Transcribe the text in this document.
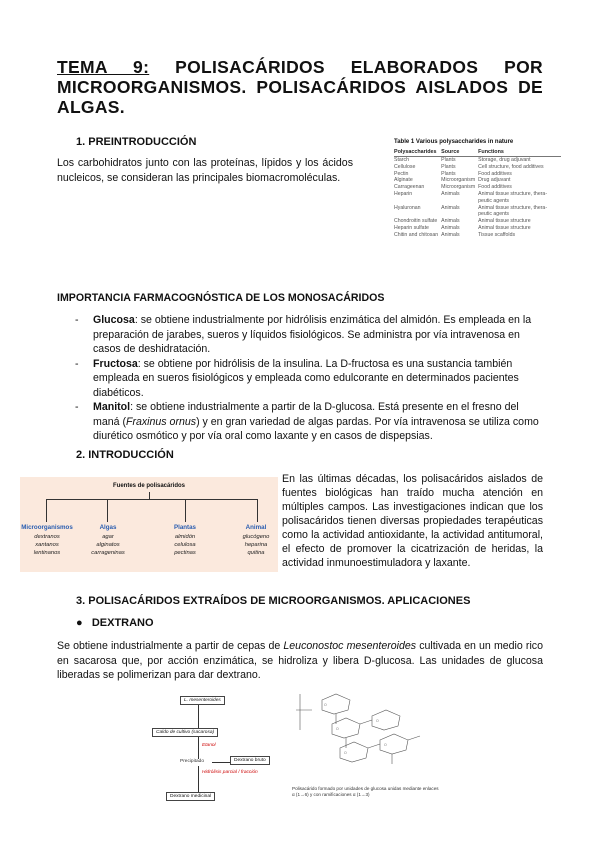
TEMA 9: POLISACÁRIDOS ELABORADOS POR
MICROORGANISMOS. POLISACÁRIDOS AISLADOS DE
ALGAS.
1. PREINTRODUCCIÓN
Los carbohidratos junto con las proteínas, lípidos y los ácidos nucleicos, se consideran las principales biomacromoléculas.
Table 1 Various polysaccharides in nature
Polysaccharides	Source	Functions
Starch	Plants	Storage, drug adjuvant
Cellulose	Plants	Cell structure, food additives
Pectin	Plants	Food additives
Alginate	Microorganism	Drug adjuvant
Carrageenan	Microorganism	Food additives
Heparin	Animals	Animal tissue structure, thera- peutic agents
Hyaluronan	Animals	Animal tissue structure, thera- peutic agents
Chondroitin sulfate	Animals	Animal tissue structure
Heparin sulfate	Animals	Animal tissue structure
Chitin and chitosan	Animals	Tissue scaffolds
IMPORTANCIA FARMACOGNÓSTICA DE LOS MONOSACÁRIDOS
- Glucosa: se obtiene industrialmente por hidrólisis enzimática del almidón. Es empleada en la preparación de jarabes, sueros y líquidos fisiológicos. Se administra por vía intravenosa en casos de deshidratación.
- Fructosa: se obtiene por hidrólisis de la insulina. La D-fructosa es una sustancia también empleada en sueros fisiológicos y empleada como edulcorante en determinados pacientes diabéticos.
- Manitol: se obtiene industrialmente a partir de la D-glucosa. Está presente en el fresno del maná (Fraxinus ornus) y en gran variedad de algas pardas. Por vía intravenosa se utiliza como diurético osmótico y por vía oral como laxante y en casos de dispepsias.
2. INTRODUCCIÓN
Fuentes de polisacáridos
Microorganismos
dextranos
xantanos
lentinanos
Algas
agar
alginatos
carrageninas
Plantas
almidón
celulosa
pectinas
Animal
glucógeno
heparina
quitina
En las últimas décadas, los polisacáridos aislados de fuentes biológicas han traído mucha atención en múltiples campos. Las investigaciones indican que los polisacáridos tienen diversas propiedades terapéuticas como la actividad antioxidante, la actividad antitumoral, el efecto de promover la cicatrización de heridas, la actividad inmunoestimuladora y laxante.
3. POLISACÁRIDOS EXTRAÍDOS DE MICROORGANISMOS. APLICACIONES
● DEXTRANO
Se obtiene industrialmente a partir de cepas de Leuconostoc mesenteroides cultivada en un medio rico en sacarosa que, por acción enzimática, se hidroliza y libera D-glucosa. Las unidades de glucosa liberadas se polimerizan para dar dextrano.
L. mesenteroides
Caldo de cultivo (sacarosa)
Etanol
Precipitado	Dextrano bruto
Hidrólisis parcial / fracción
Dextrano medicinal
O
O
O
O
O
Polisacárido formado por unidades de glucosa unidas mediante enlaces α (1→6) y con ramificaciones α (1→3)
